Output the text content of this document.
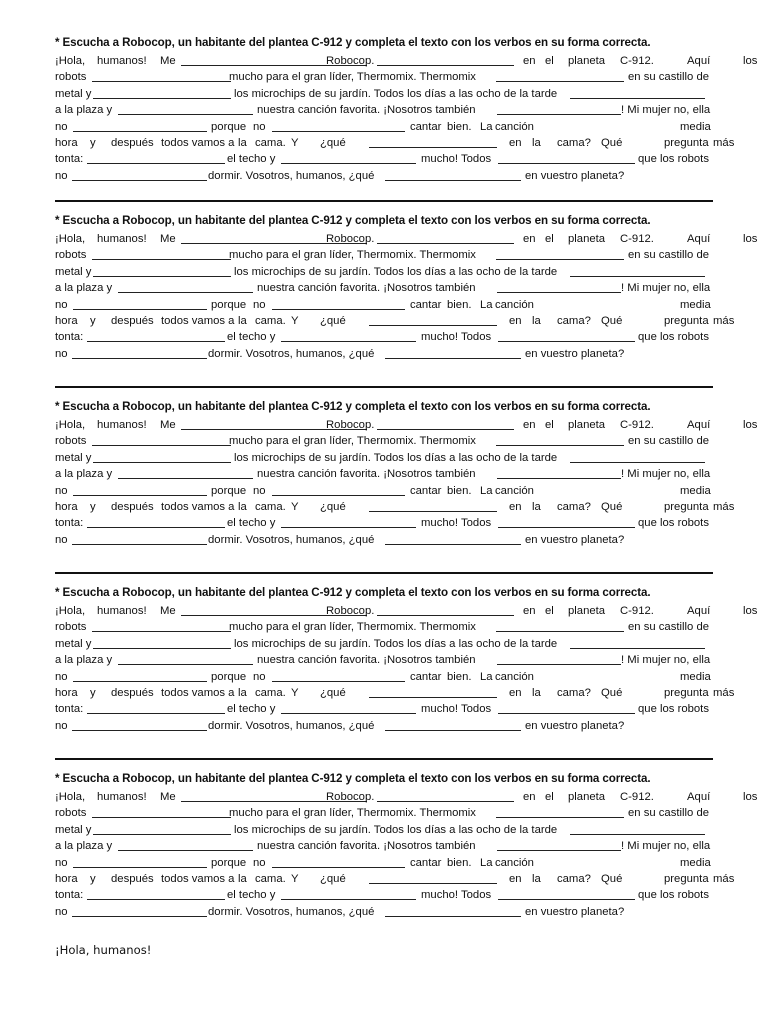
* Escucha a Robocop, un habitante del plantea C-912 y completa el texto con los verbos en su forma correcta.
¡Hola, humanos! Me	Robocop.	en el planeta C-912.	Aquí	los
robots	mucho para el gran líder, Thermomix. Thermomix	en su castillo de
metal y	los microchips de su jardín. Todos los días a las ocho de la tarde
a la plaza y	nuestra canción favorita. ¡Nosotros también	! Mi mujer no, ella
no	porque no	cantar bien. La canción	media
hora y después todos vamos a la cama. Y ¿qué	en la cama? Qué	pregunta más
tonta:	el techo y	mucho! Todos	que los robots
no	dormir. Vosotros, humanos, ¿qué	en vuestro planeta?
* Escucha a Robocop, un habitante del plantea C-912 y completa el texto con los verbos en su forma correcta.
¡Hola, humanos! Me	Robocop.	en el planeta C-912.	Aquí	los
robots	mucho para el gran líder, Thermomix. Thermomix	en su castillo de
metal y	los microchips de su jardín. Todos los días a las ocho de la tarde
a la plaza y	nuestra canción favorita. ¡Nosotros también	! Mi mujer no, ella
no	porque no	cantar bien. La canción	media
hora y después todos vamos a la cama. Y ¿qué	en la cama? Qué	pregunta más
tonta:	el techo y	mucho! Todos	que los robots
no	dormir. Vosotros, humanos, ¿qué	en vuestro planeta?
* Escucha a Robocop, un habitante del plantea C-912 y completa el texto con los verbos en su forma correcta.
¡Hola, humanos! Me	Robocop.	en el planeta C-912.	Aquí	los
robots	mucho para el gran líder, Thermomix. Thermomix	en su castillo de
metal y	los microchips de su jardín. Todos los días a las ocho de la tarde
a la plaza y	nuestra canción favorita. ¡Nosotros también	! Mi mujer no, ella
no	porque no	cantar bien. La canción	media
hora y después todos vamos a la cama. Y ¿qué	en la cama? Qué	pregunta más
tonta:	el techo y	mucho! Todos	que los robots
no	dormir. Vosotros, humanos, ¿qué	en vuestro planeta?
* Escucha a Robocop, un habitante del plantea C-912 y completa el texto con los verbos en su forma correcta.
¡Hola, humanos! Me	Robocop.	en el planeta C-912.	Aquí	los
robots	mucho para el gran líder, Thermomix. Thermomix	en su castillo de
metal y	los microchips de su jardín. Todos los días a las ocho de la tarde
a la plaza y	nuestra canción favorita. ¡Nosotros también	! Mi mujer no, ella
no	porque no	cantar bien. La canción	media
hora y después todos vamos a la cama. Y ¿qué	en la cama? Qué	pregunta más
tonta:	el techo y	mucho! Todos	que los robots
no	dormir. Vosotros, humanos, ¿qué	en vuestro planeta?
* Escucha a Robocop, un habitante del plantea C-912 y completa el texto con los verbos en su forma correcta.
¡Hola, humanos! Me	Robocop.	en el planeta C-912.	Aquí	los
robots	mucho para el gran líder, Thermomix. Thermomix	en su castillo de
metal y	los microchips de su jardín. Todos los días a las ocho de la tarde
a la plaza y	nuestra canción favorita. ¡Nosotros también	! Mi mujer no, ella
no	porque no	cantar bien. La canción	media
hora y después todos vamos a la cama. Y ¿qué	en la cama? Qué	pregunta más
tonta:	el techo y	mucho! Todos	que los robots
no	dormir. Vosotros, humanos, ¿qué	en vuestro planeta?
¡Hola, humanos!
